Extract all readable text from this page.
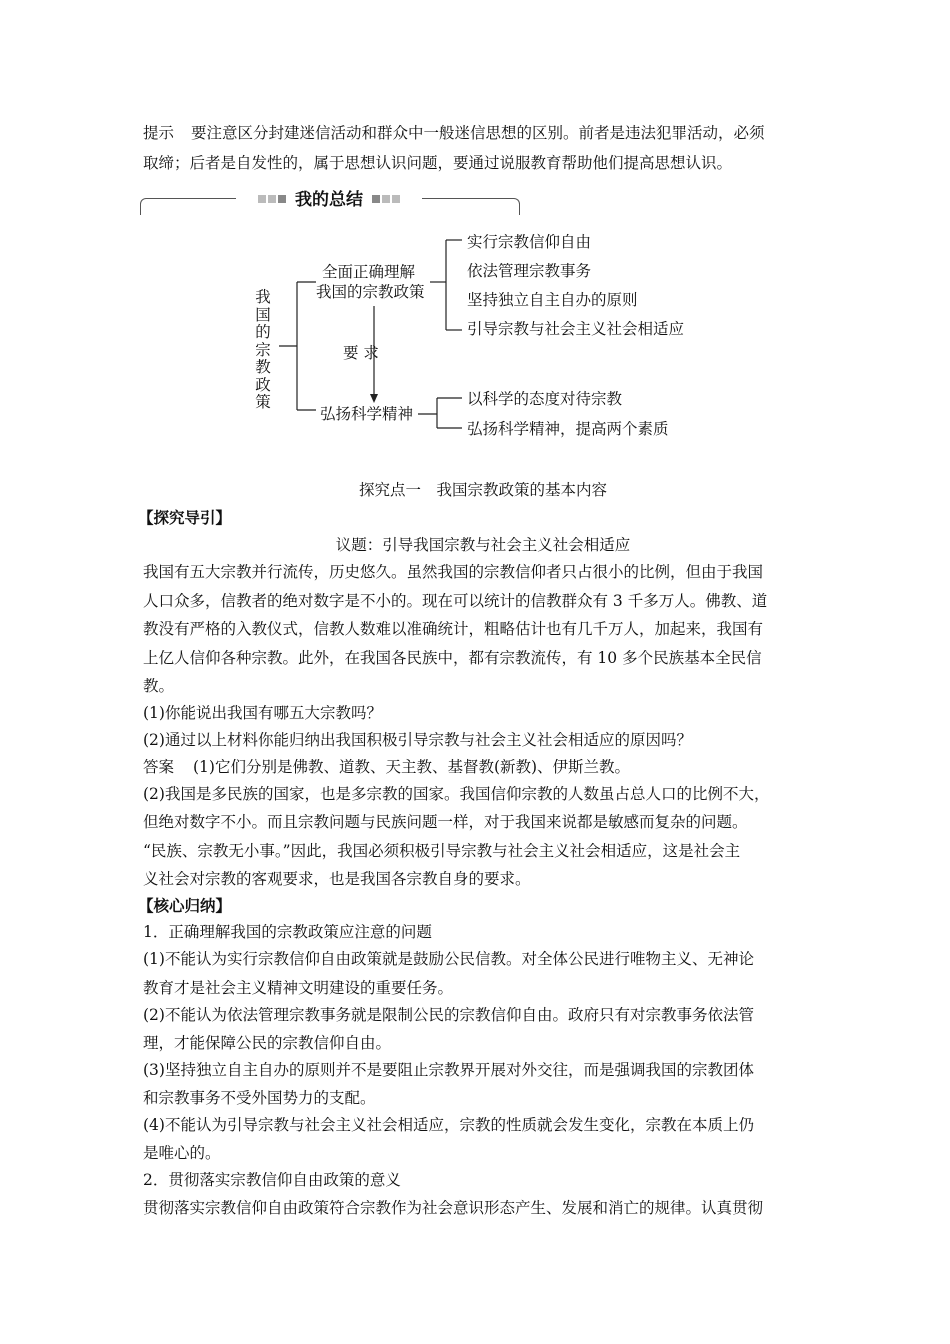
提示 要注意区分封建迷信活动和群众中一般迷信思想的区别。前者是违法犯罪活动，必须
取缔；后者是自发性的，属于思想认识问题，要通过说服教育帮助他们提高思想认识。
我的总结
我国的宗教政策
全面正确理解
我国的宗教政策
实行宗教信仰自由
依法管理宗教事务
坚持独立自主自办的原则
引导宗教与社会主义社会相适应
要 求
弘扬科学精神
以科学的态度对待宗教
弘扬科学精神，提高两个素质
探究点一　我国宗教政策的基本内容
【探究导引】
议题：引导我国宗教与社会主义社会相适应
我国有五大宗教并行流传，历史悠久。虽然我国的宗教信仰者只占很小的比例，但由于我国
人口众多，信教者的绝对数字是不小的。现在可以统计的信教群众有 3 千多万人。佛教、道
教没有严格的入教仪式，信教人数难以准确统计，粗略估计也有几千万人，加起来，我国有
上亿人信仰各种宗教。此外，在我国各民族中，都有宗教流传，有 10 多个民族基本全民信
教。
(1)你能说出我国有哪五大宗教吗？
(2)通过以上材料你能归纳出我国积极引导宗教与社会主义社会相适应的原因吗？
答案 (1)它们分别是佛教、道教、天主教、基督教(新教)、伊斯兰教。
(2)我国是多民族的国家，也是多宗教的国家。我国信仰宗教的人数虽占总人口的比例不大，
但绝对数字不小。而且宗教问题与民族问题一样，对于我国来说都是敏感而复杂的问题。
“民族、宗教无小事。”因此，我国必须积极引导宗教与社会主义社会相适应，这是社会主
义社会对宗教的客观要求，也是我国各宗教自身的要求。
【核心归纳】
1．正确理解我国的宗教政策应注意的问题
(1)不能认为实行宗教信仰自由政策就是鼓励公民信教。对全体公民进行唯物主义、无神论
教育才是社会主义精神文明建设的重要任务。
(2)不能认为依法管理宗教事务就是限制公民的宗教信仰自由。政府只有对宗教事务依法管
理，才能保障公民的宗教信仰自由。
(3)坚持独立自主自办的原则并不是要阻止宗教界开展对外交往，而是强调我国的宗教团体
和宗教事务不受外国势力的支配。
(4)不能认为引导宗教与社会主义社会相适应，宗教的性质就会发生变化，宗教在本质上仍
是唯心的。
2．贯彻落实宗教信仰自由政策的意义
贯彻落实宗教信仰自由政策符合宗教作为社会意识形态产生、发展和消亡的规律。认真贯彻
